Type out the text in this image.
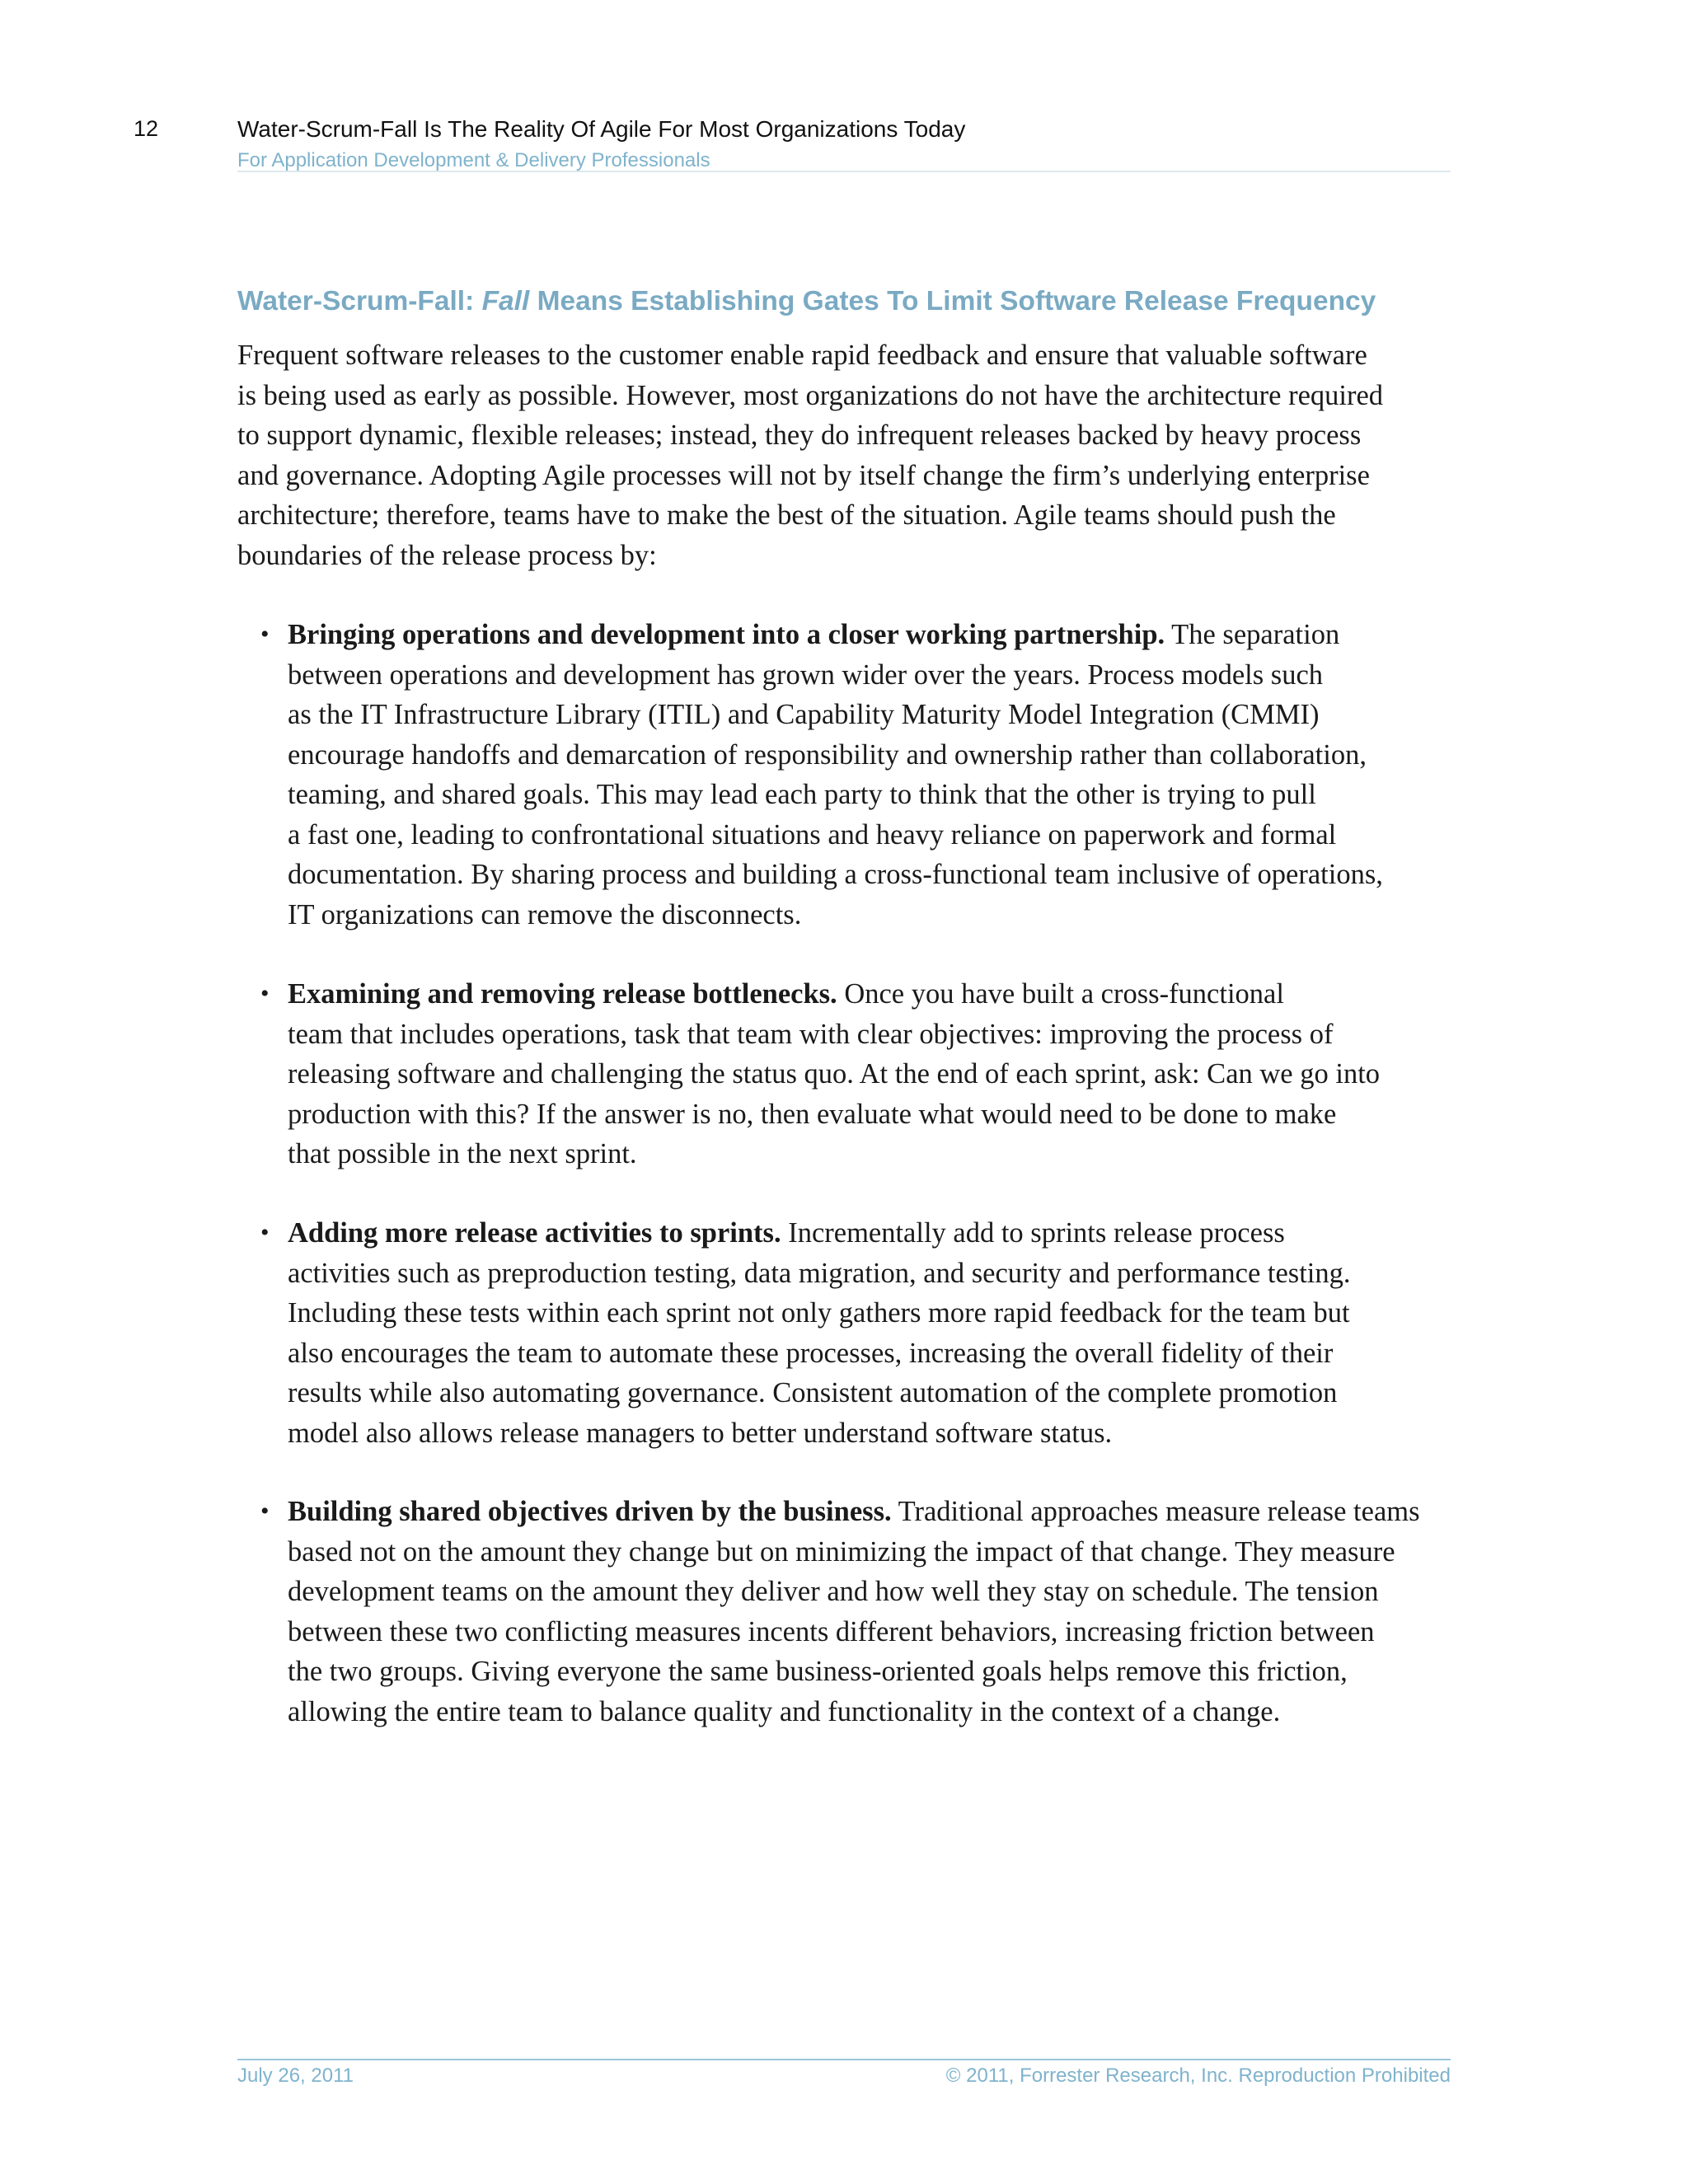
12	Water-Scrum-Fall Is The Reality Of Agile For Most Organizations Today
For Application Development & Delivery Professionals
Water-Scrum-Fall: Fall Means Establishing Gates To Limit Software Release Frequency
Frequent software releases to the customer enable rapid feedback and ensure that valuable software
is being used as early as possible. However, most organizations do not have the architecture required
to support dynamic, flexible releases; instead, they do infrequent releases backed by heavy process
and governance. Adopting Agile processes will not by itself change the firm’s underlying enterprise
architecture; therefore, teams have to make the best of the situation. Agile teams should push the
boundaries of the release process by:
• Bringing operations and development into a closer working partnership. The separation
between operations and development has grown wider over the years. Process models such
as the IT Infrastructure Library (ITIL) and Capability Maturity Model Integration (CMMI)
encourage handoffs and demarcation of responsibility and ownership rather than collaboration,
teaming, and shared goals. This may lead each party to think that the other is trying to pull
a fast one, leading to confrontational situations and heavy reliance on paperwork and formal
documentation. By sharing process and building a cross-functional team inclusive of operations,
IT organizations can remove the disconnects.
• Examining and removing release bottlenecks. Once you have built a cross-functional
team that includes operations, task that team with clear objectives: improving the process of
releasing software and challenging the status quo. At the end of each sprint, ask: Can we go into
production with this? If the answer is no, then evaluate what would need to be done to make
that possible in the next sprint.
• Adding more release activities to sprints. Incrementally add to sprints release process
activities such as preproduction testing, data migration, and security and performance testing.
Including these tests within each sprint not only gathers more rapid feedback for the team but
also encourages the team to automate these processes, increasing the overall fidelity of their
results while also automating governance. Consistent automation of the complete promotion
model also allows release managers to better understand software status.
• Building shared objectives driven by the business. Traditional approaches measure release teams
based not on the amount they change but on minimizing the impact of that change. They measure
development teams on the amount they deliver and how well they stay on schedule. The tension
between these two conflicting measures incents different behaviors, increasing friction between
the two groups. Giving everyone the same business-oriented goals helps remove this friction,
allowing the entire team to balance quality and functionality in the context of a change.
July 26, 2011	© 2011, Forrester Research, Inc. Reproduction Prohibited
